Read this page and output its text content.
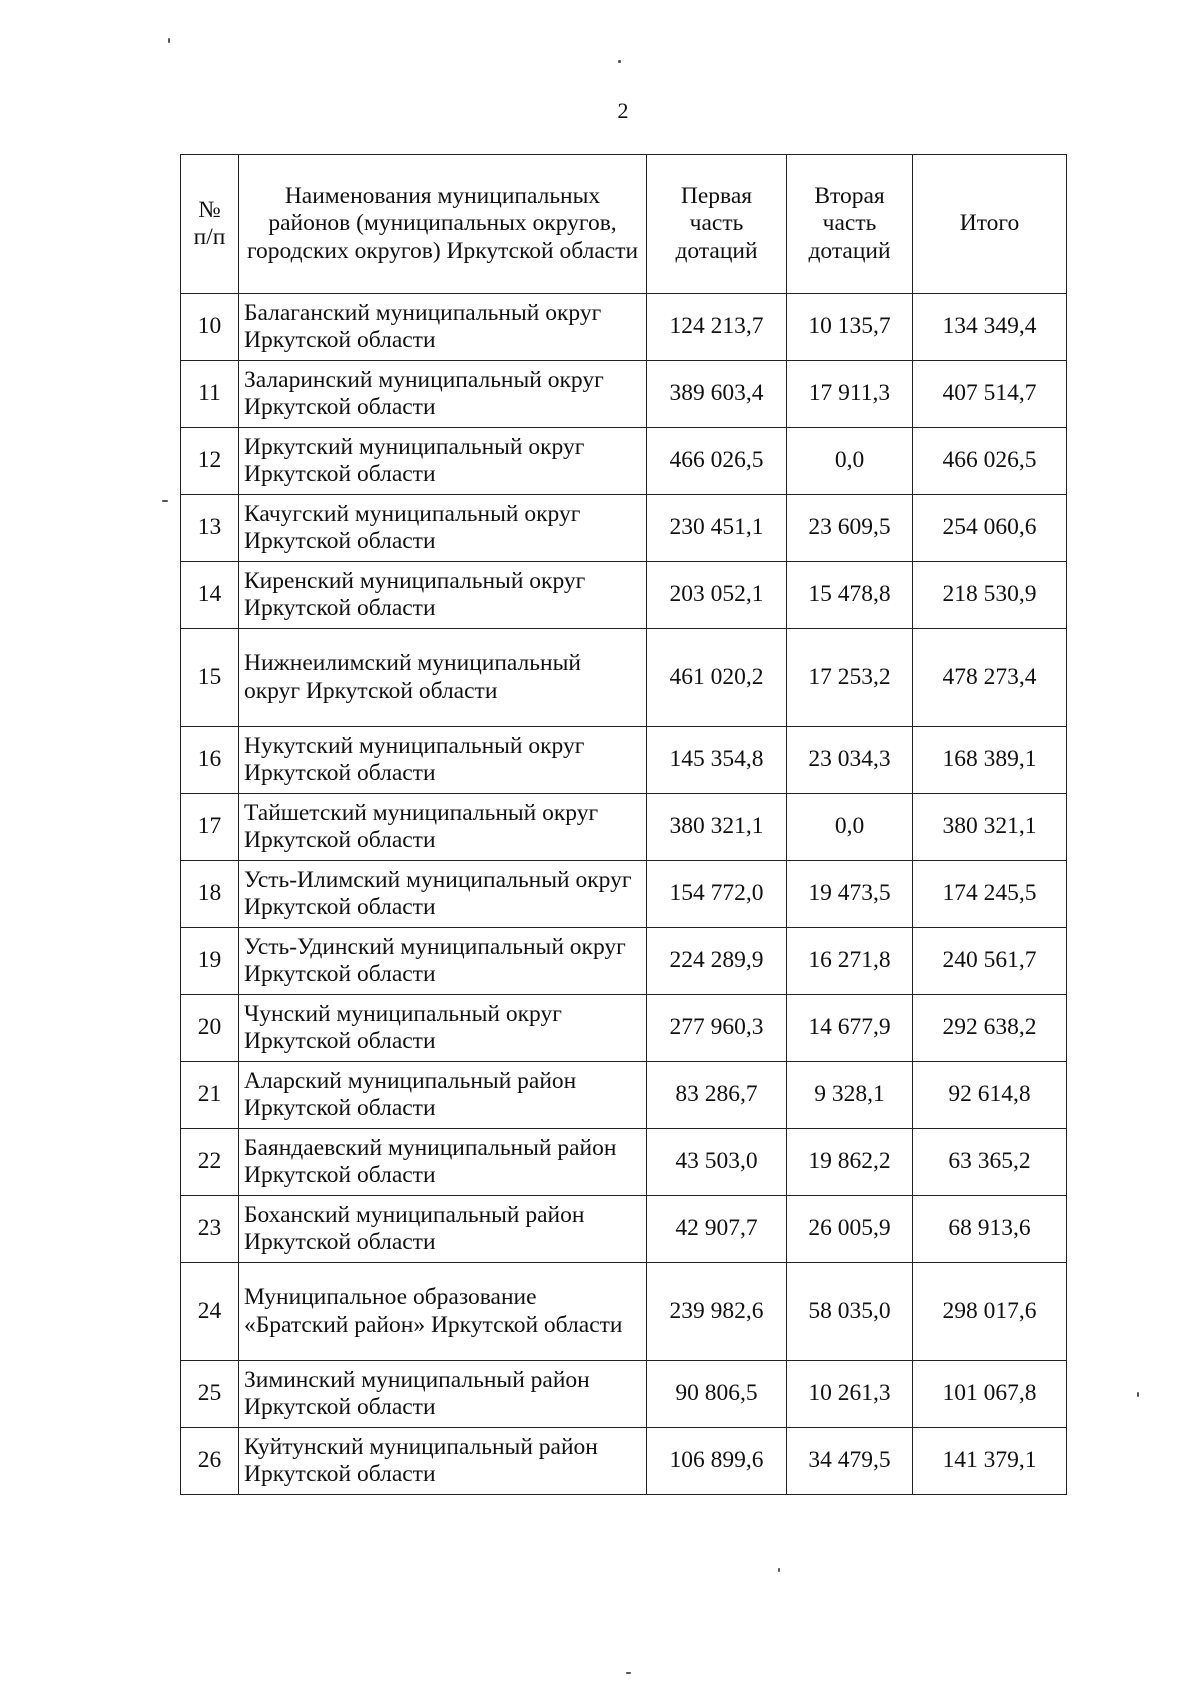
2
№ п/п	Наименования муниципальных районов (муниципальных округов, городских округов) Иркутской области	Первая часть дотаций	Вторая часть дотаций	Итого
10	Балаганский муниципальный округ Иркутской области	124 213,7	10 135,7	134 349,4
11	Заларинский муниципальный округ Иркутской области	389 603,4	17 911,3	407 514,7
12	Иркутский муниципальный округ Иркутской области	466 026,5	0,0	466 026,5
13	Качугский муниципальный округ Иркутской области	230 451,1	23 609,5	254 060,6
14	Киренский муниципальный округ Иркутской области	203 052,1	15 478,8	218 530,9
15	Нижнеилимский муниципальный округ Иркутской области	461 020,2	17 253,2	478 273,4
16	Нукутский муниципальный округ Иркутской области	145 354,8	23 034,3	168 389,1
17	Тайшетский муниципальный округ Иркутской области	380 321,1	0,0	380 321,1
18	Усть-Илимский муниципальный округ Иркутской области	154 772,0	19 473,5	174 245,5
19	Усть-Удинский муниципальный округ Иркутской области	224 289,9	16 271,8	240 561,7
20	Чунский муниципальный округ Иркутской области	277 960,3	14 677,9	292 638,2
21	Аларский муниципальный район Иркутской области	83 286,7	9 328,1	92 614,8
22	Баяндаевский муниципальный район Иркутской области	43 503,0	19 862,2	63 365,2
23	Боханский муниципальный район Иркутской области	42 907,7	26 005,9	68 913,6
24	Муниципальное образование «Братский район» Иркутской области	239 982,6	58 035,0	298 017,6
25	Зиминский муниципальный район Иркутской области	90 806,5	10 261,3	101 067,8
26	Куйтунский муниципальный район Иркутской области	106 899,6	34 479,5	141 379,1
